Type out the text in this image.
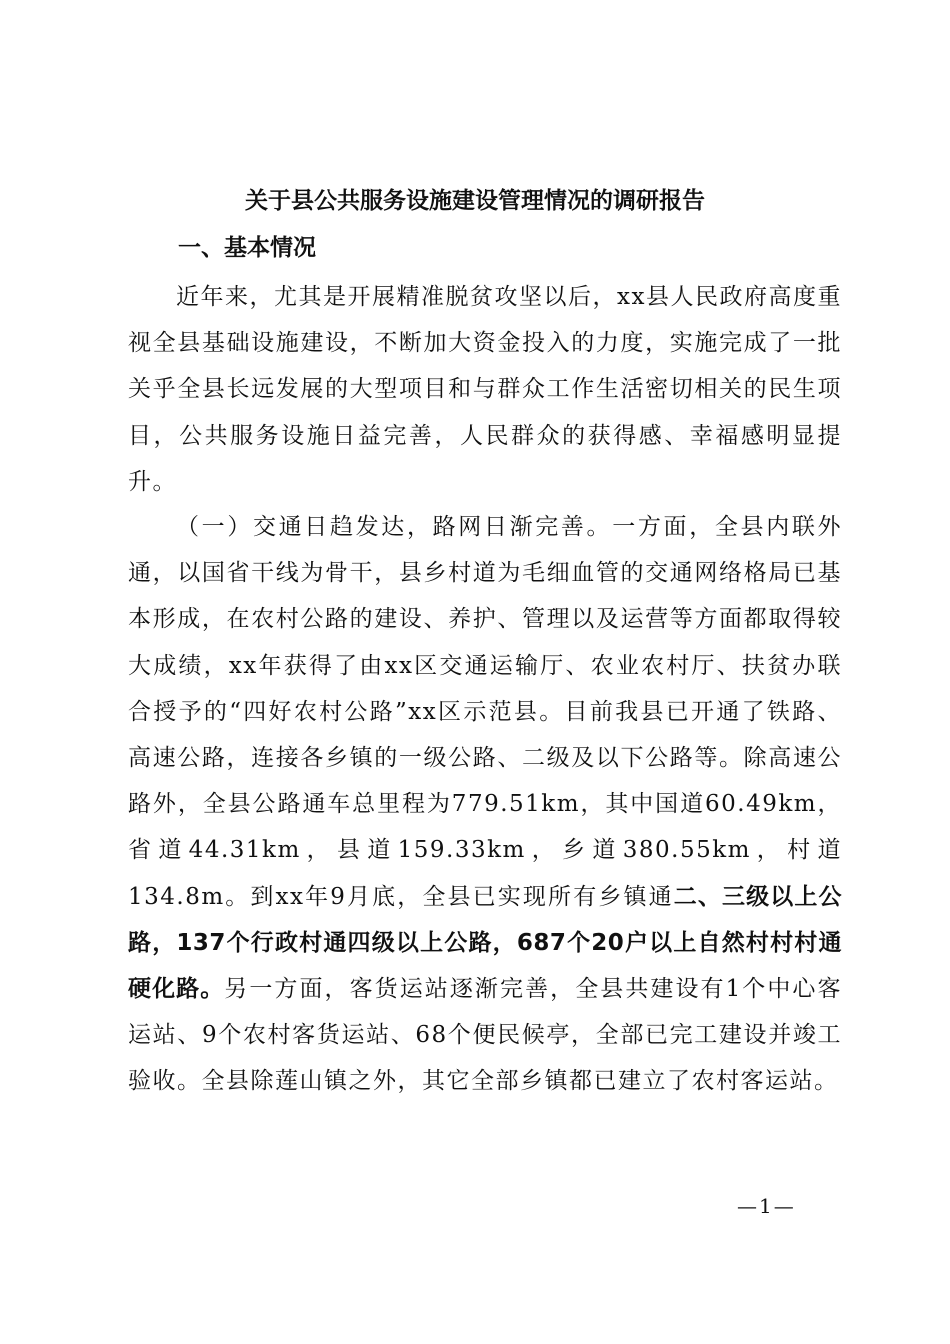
关于县公共服务设施建设管理情况的调研报告
一、基本情况

近年来，尤其是开展精准脱贫攻坚以后，xx县人民政府高度重视全县基础设施建设，不断加大资金投入的力度，实施完成了一批关乎全县长远发展的大型项目和与群众工作生活密切相关的民生项目，公共服务设施日益完善，人民群众的获得感、幸福感明显提升。

（一）交通日趋发达，路网日渐完善。一方面，全县内联外通，以国省干线为骨干，县乡村道为毛细血管的交通网络格局已基本形成，在农村公路的建设、养护、管理以及运营等方面都取得较大成绩，xx年获得了由xx区交通运输厅、农业农村厅、扶贫办联合授予的“四好农村公路”xx区示范县。目前我县已开通了铁路、高速公路，连接各乡镇的一级公路、二级及以下公路等。除高速公路外，全县公路通车总里程为779.51km，其中国道60.49km，省道44.31km，县道159.33km，乡道380.55km，村道134.8m。到xx年9月底，全县已实现所有乡镇通二、三级以上公路，137个行政村通四级以上公路，687个20户以上自然村村村通硬化路。另一方面，客货运站逐渐完善，全县共建设有1个中心客运站、9个农村客货运站、68个便民候亭，全部已完工建设并竣工验收。全县除莲山镇之外，其它全部乡镇都已建立了农村客运站。

—1—
